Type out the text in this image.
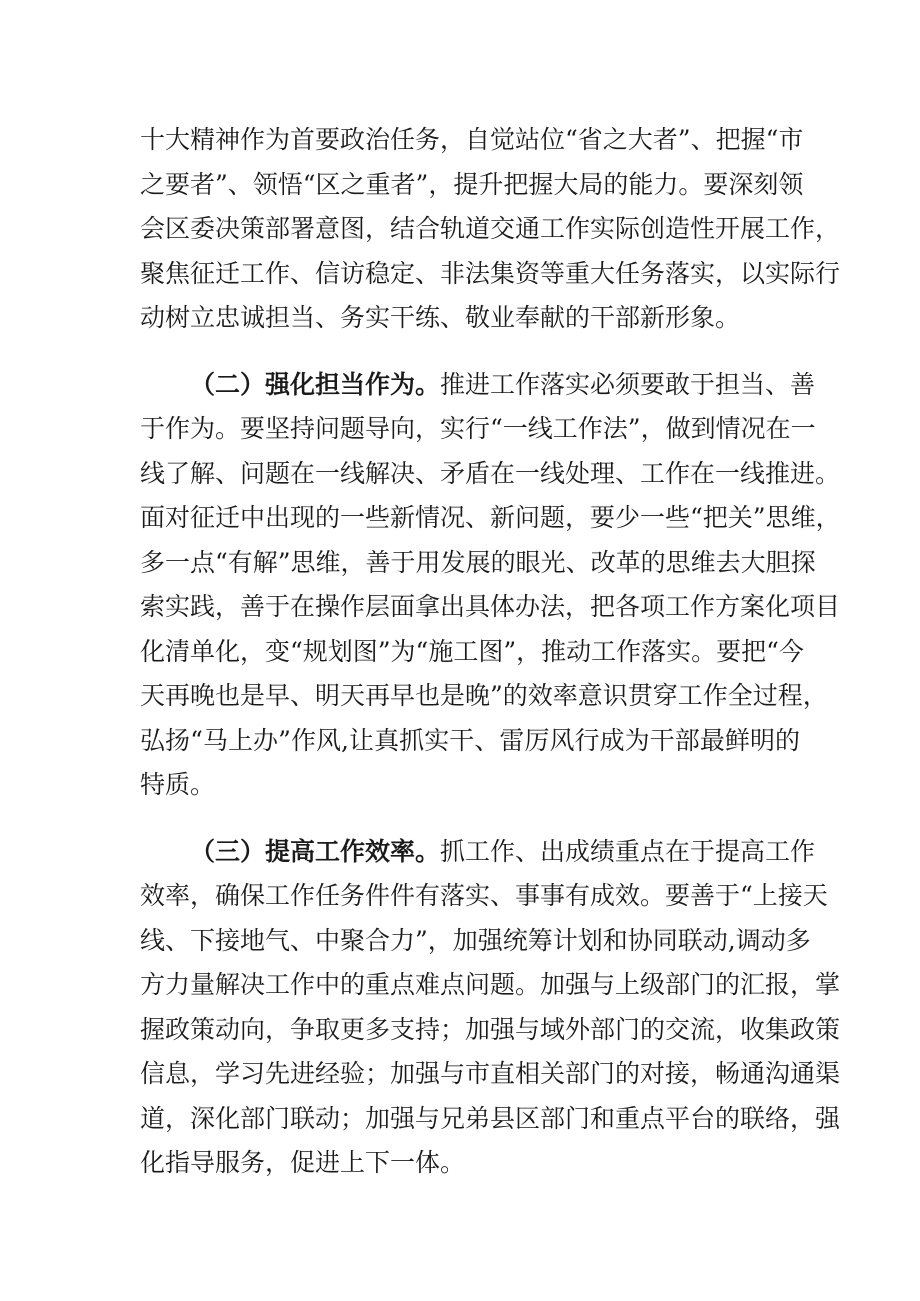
十大精神作为首要政治任务，自觉站位“省之大者”、把握“市
之要者”、领悟“区之重者”，提升把握大局的能力。要深刻领
会区委决策部署意图，结合轨道交通工作实际创造性开展工作，
聚焦征迁工作、信访稳定、非法集资等重大任务落实，以实际行
动树立忠诚担当、务实干练、敬业奉献的干部新形象。
（二）强化担当作为。推进工作落实必须要敢于担当、善
于作为。要坚持问题导向，实行“一线工作法”，做到情况在一
线了解、问题在一线解决、矛盾在一线处理、工作在一线推进。
面对征迁中出现的一些新情况、新问题，要少一些“把关”思维，
多一点“有解”思维，善于用发展的眼光、改革的思维去大胆探
索实践，善于在操作层面拿出具体办法，把各项工作方案化项目
化清单化，变“规划图”为“施工图”，推动工作落实。要把“今
天再晚也是早、明天再早也是晚”的效率意识贯穿工作全过程，
弘扬“马上办”作风,让真抓实干、雷厉风行成为干部最鲜明的
特质。
（三）提高工作效率。抓工作、出成绩重点在于提高工作
效率，确保工作任务件件有落实、事事有成效。要善于“上接天
线、下接地气、中聚合力”，加强统筹计划和协同联动,调动多
方力量解决工作中的重点难点问题。加强与上级部门的汇报，掌
握政策动向，争取更多支持；加强与域外部门的交流，收集政策
信息，学习先进经验；加强与市直相关部门的对接，畅通沟通渠
道，深化部门联动；加强与兄弟县区部门和重点平台的联络，强
化指导服务，促进上下一体。
